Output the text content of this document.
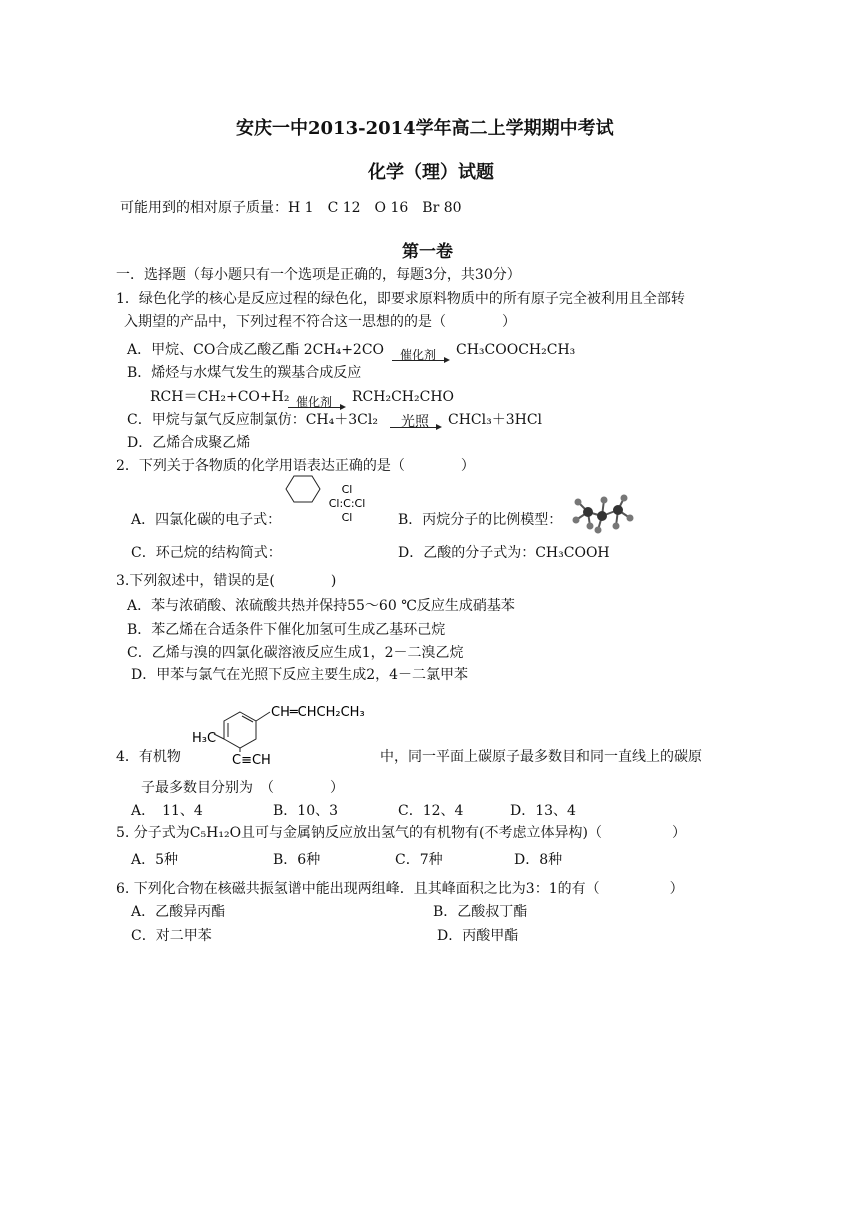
安庆一中2013-2014学年高二上学期期中考试
化学（理）试题
可能用到的相对原子质量：H 1　C 12　O 16　Br 80
第一卷
一．选择题（每小题只有一个选项是正确的，每题3分，共30分）
1．绿色化学的核心是反应过程的绿色化，即要求原料物质中的所有原子完全被利用且全部转
入期望的产品中，下列过程不符合这一思想的的是（　　　　）
A．甲烷、CO合成乙酸乙酯 2CH₄+2CO 催化剂 CH₃COOCH₂CH₃
B．烯烃与水煤气发生的羰基合成反应
RCH＝CH₂+CO+H₂ 催化剂 RCH₂CH₂CHO
C．甲烷与氯气反应制氯仿：CH₄＋3Cl₂ 光照 CHCl₃＋3HCl
D．乙烯合成聚乙烯
2．下列关于各物质的化学用语表达正确的是（　　　　）
A．四氯化碳的电子式：
Cl
Cl:C:Cl
Cl	B．丙烷分子的比例模型：
C．环己烷的结构简式：	D．乙酸的分子式为：CH₃COOH
3.下列叙述中，错误的是(　　　　)
A．苯与浓硝酸、浓硫酸共热并保持55～60 ℃反应生成硝基苯
B．苯乙烯在合适条件下催化加氢可生成乙基环己烷
C．乙烯与溴的四氯化碳溶液反应生成1，2－二溴乙烷
D．甲苯与氯气在光照下反应主要生成2，4－二氯甲苯
CH═CHCH₂CH₃
H₃C
C≡CH
4．有机物	中，同一平面上碳原子最多数目和同一直线上的碳原
子最多数目分别为　（　　　　）
A．　11、4	B．10、3	C．12、4	D．13、4
5. 分子式为C₅H₁₂O且可与金属钠反应放出氢气的有机物有(不考虑立体异构)（　　　　　）
A．5种	B．6种	C．7种	D．8种
6. 下列化合物在核磁共振氢谱中能出现两组峰．且其峰面积之比为3：1的有（　　　　　）
A．乙酸异丙酯	B．乙酸叔丁酯
C．对二甲苯	D．丙酸甲酯
